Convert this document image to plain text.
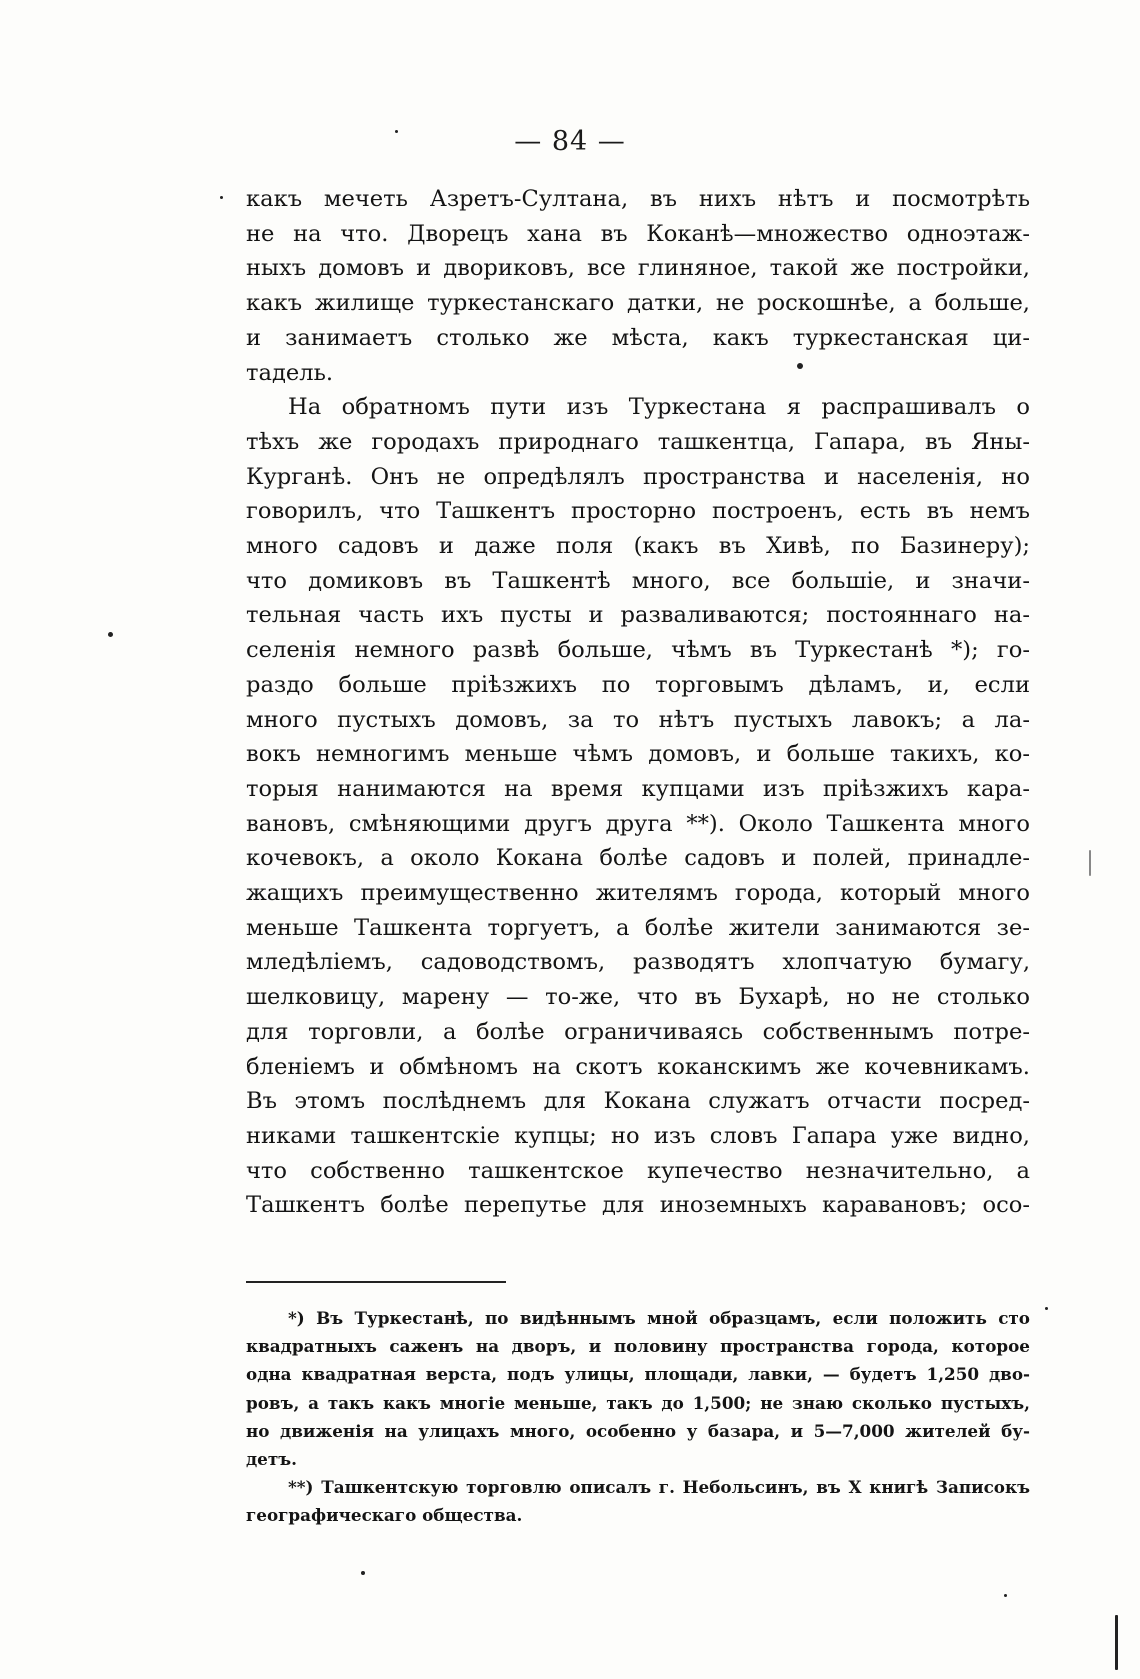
— 84 —
какъ мечеть Азретъ-Султана, въ нихъ нѣтъ и посмотрѣть
не на что. Дворецъ хана въ Коканѣ—множество одноэтаж-
ныхъ домовъ и двориковъ, все глиняное, такой же постройки,
какъ жилище туркестанскаго датки, не роскошнѣе, а больше,
и занимаетъ столько же мѣста, какъ туркестанская ци-
тадель.
На обратномъ пути изъ Туркестана я распрашивалъ о
тѣхъ же городахъ природнаго ташкентца, Гапара, въ Яны-
Курганѣ. Онъ не опредѣлялъ пространства и населенія, но
говорилъ, что Ташкентъ просторно построенъ, есть въ немъ
много садовъ и даже поля (какъ въ Хивѣ, по Базинеру);
что домиковъ въ Ташкентѣ много, все большіе, и значи-
тельная часть ихъ пусты и разваливаются; постояннаго на-
селенія немного развѣ больше, чѣмъ въ Туркестанѣ *); го-
раздо больше пріѣзжихъ по торговымъ дѣламъ, и, если
много пустыхъ домовъ, за то нѣтъ пустыхъ лавокъ; а ла-
вокъ немногимъ меньше чѣмъ домовъ, и больше такихъ, ко-
торыя нанимаются на время купцами изъ пріѣзжихъ кара-
вановъ, смѣняющими другъ друга **). Около Ташкента много
кочевокъ, а около Кокана болѣе садовъ и полей, принадле-
жащихъ преимущественно жителямъ города, который много
меньше Ташкента торгуетъ, а болѣе жители занимаются зе-
мледѣліемъ, садоводствомъ, разводятъ хлопчатую бумагу,
шелковицу, марену — то-же, что въ Бухарѣ, но не столько
для торговли, а болѣе ограничиваясь собственнымъ потре-
бленіемъ и обмѣномъ на скотъ коканскимъ же кочевникамъ.
Въ этомъ послѣднемъ для Кокана служатъ отчасти посред-
никами ташкентскіе купцы; но изъ словъ Гапара уже видно,
что собственно ташкентское купечество незначительно, а
Ташкентъ болѣе перепутье для иноземныхъ каравановъ; осо-
*) Въ Туркестанѣ, по видѣннымъ мной образцамъ, если положить сто
квадратныхъ саженъ на дворъ, и половину пространства города, которое
одна квадратная верста, подъ улицы, площади, лавки, — будетъ 1,250 дво-
ровъ, а такъ какъ многіе меньше, такъ до 1,500; не знаю сколько пустыхъ,
но движенія на улицахъ много, особенно у базара, и 5—7,000 жителей бу-
детъ.
**) Ташкентскую торговлю описалъ г. Небольсинъ, въ X книгѣ Записокъ
географическаго общества.
